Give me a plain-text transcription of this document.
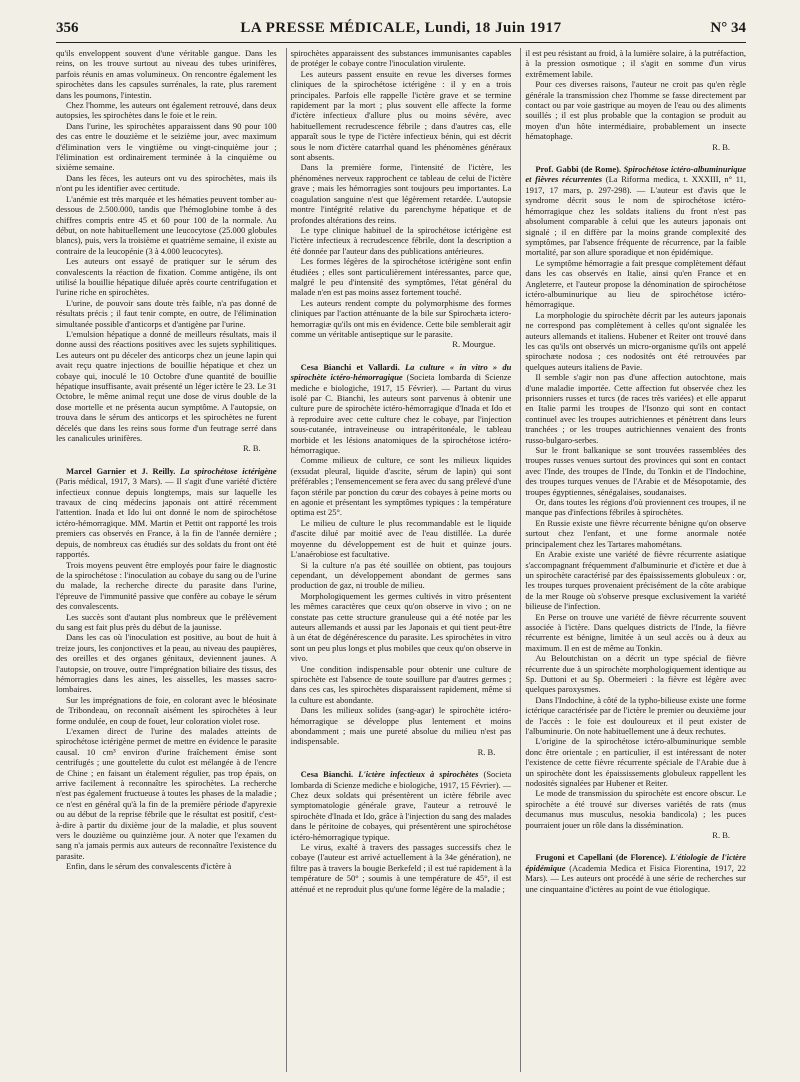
356	LA PRESSE MÉDICALE, Lundi, 18 Juin 1917	N° 34

qu'ils enveloppent souvent d'une véritable gangue. Dans les reins, on les trouve surtout au niveau des tubes urinifères, parfois réunis en amas volumineux. On rencontre également les spirochètes dans les capsules surrénales, la rate, plus rarement dans les poumons, l'intestin.

Chez l'homme, les auteurs ont également retrouvé, dans deux autopsies, les spirochètes dans le foie et le rein.

Dans l'urine, les spirochètes apparaissent dans 90 pour 100 des cas entre le douzième et le seizième jour, avec maximum d'élimination vers le vingtième ou vingt-cinquième jour ; l'élimination est ordinairement terminée à la cinquième ou sixième semaine.

Dans les fèces, les auteurs ont vu des spirochètes, mais ils n'ont pu les identifier avec certitude.

L'anémie est très marquée et les hématies peuvent tomber au-dessous de 2.500.000, tandis que l'hémoglobine tombe à des chiffres compris entre 45 et 60 pour 100 de la normale. Au début, on note habituellement une leucocytose (25.000 globules blancs), puis, vers la troisième et quatrième semaine, il existe au contraire de la leucopénie (3 à 4.000 leucocytes).

Les auteurs ont essayé de pratiquer sur le sérum des convalescents la réaction de fixation. Comme antigène, ils ont utilisé la bouillie hépatique diluée après courte centrifugation et l'urine riche en spirochètes.

L'urine, de pouvoir sans doute très faible, n'a pas donné de résultats précis ; il faut tenir compte, en outre, de l'élimination simultanée possible d'anticorps et d'antigène par l'urine.

L'emulsion hépatique a donné de meilleurs résultats, mais il donne aussi des réactions positives avec les sujets syphilitiques. Les auteurs ont pu déceler des anticorps chez un jeune lapin qui avait reçu quatre injections de bouillie hépatique et chez un cobaye qui, inoculé le 10 Octobre d'une quantité de bouillie hépatique insuffisante, avait présenté un léger ictère le 23. Le 31 Octobre, le même animal reçut une dose de virus double de la dose mortelle et ne présenta aucun symptôme. A l'autopsie, on trouva dans le sérum des anticorps et les spirochètes ne furent décelés que dans les reins sous forme d'un feutrage serré dans les canalicules urinifères.

R. B.

Marcel Garnier et J. Reilly. La spirochétose ictérigène (Paris médical, 1917, 3 Mars). — Il s'agit d'une variété d'ictère infectieux connue depuis longtemps, mais sur laquelle les travaux de cinq médecins japonais ont attiré récemment l'attention. Inada et Ido lui ont donné le nom de spirochétose ictéro-hémorragique. MM. Martin et Pettit ont rapporté les trois premiers cas observés en France, à la fin de l'année dernière ; depuis, de nombreux cas étudiés sur des soldats du front ont été rapportés.

Trois moyens peuvent être employés pour faire le diagnostic de la spirochétose : l'inoculation au cobaye du sang ou de l'urine du malade, la recherche directe du parasite dans l'urine, l'épreuve de l'immunité passive que confère au cobaye le sérum des convalescents.

Les succès sont d'autant plus nombreux que le prélèvement du sang est fait plus près du début de la jaunisse.

Dans les cas où l'inoculation est positive, au bout de huit à treize jours, les conjonctives et la peau, au niveau des paupières, des oreilles et des organes génitaux, deviennent jaunes. A l'autopsie, on trouve, outre l'imprégnation biliaire des tissus, des hémorragies dans les aines, les aisselles, les masses sacro-lombaires.

Sur les imprégnations de foie, en colorant avec le bléosinate de Tribondeau, on reconnaît aisément les spirochètes à leur forme ondulée, en coup de fouet, leur coloration violet rose.

L'examen direct de l'urine des malades atteints de spirochétose ictérigène permet de mettre en évidence le parasite causal. 10 cm³ environ d'urine fraîchement émise sont centrifugés ; une gouttelette du culot est mélangée à de l'encre de Chine ; en faisant un étalement régulier, pas trop épais, on arrive facilement à reconnaître les spirochètes. La recherche n'est pas également fructueuse à toutes les phases de la maladie ; ce n'est en général qu'à la fin de la première période d'apyrexie ou au début de la reprise fébrile que le résultat est positif, c'est-à-dire à partir du dixième jour de la maladie, et plus souvent vers le douzième ou quinzième jour. A noter que l'examen du sang n'a jamais permis aux auteurs de reconnaître l'existence du parasite.

Enfin, dans le sérum des convalescents d'ictère à

spirochètes apparaissent des substances immunisantes capables de protéger le cobaye contre l'inoculation virulente.

Les auteurs passent ensuite en revue les diverses formes cliniques de la spirochétose ictérigène : il y en a trois principales. Parfois elle rappelle l'ictère grave et se termine rapidement par la mort ; plus souvent elle affecte la forme d'ictère infectieux d'allure plus ou moins sévère, avec habituellement recrudescence fébrile ; dans d'autres cas, elle apparaît sous le type de l'ictère infectieux bénin, qui est décrit sous le nom d'ictère catarrhal quand les phénomènes généraux sont absents.

Dans la première forme, l'intensité de l'ictère, les phénomènes nerveux rapprochent ce tableau de celui de l'ictère grave ; mais les hémorragies sont toujours peu importantes. La coagulation sanguine n'est que légèrement retardée. L'autopsie montre l'intégrité relative du parenchyme hépatique et de profondes altérations des reins.

Le type clinique habituel de la spirochétose ictérigène est l'ictère infectieux à recrudescence fébrile, dont la description a été donnée par l'auteur dans des publications antérieures.

Les formes légères de la spirochétose ictérigène sont enfin étudiées ; elles sont particulièrement intéressantes, parce que, malgré le peu d'intensité des symptômes, l'état général du malade n'en est pas moins assez fortement touché.

Les auteurs rendent compte du polymorphisme des formes cliniques par l'action atténuante de la bile sur Spirochæta ictero-hemorragiæ qu'ils ont mis en évidence. Cette bile semblerait agir comme un véritable antiseptique sur le parasite.

R. Mourgue.

Cesa Bianchi et Vallardi. La culture « in vitro » du spirochète ictéro-hémorragique (Societa lombarda di Scienze mediche e biologiche, 1917, 15 Février). — Partant du virus isolé par C. Bianchi, les auteurs sont parvenus à obtenir une culture pure de spirochète ictéro-hémorragique d'Inada et Ido et à reproduire avec cette culture chez le cobaye, par l'injection sous-cutanée, intraveineuse ou intrapéritonéale, le tableau morbide et les lésions anatomiques de la spirochétose ictéro-hémorragique.

Comme milieux de culture, ce sont les milieux liquides (exsudat pleural, liquide d'ascite, sérum de lapin) qui sont préférables ; l'ensemencement se fera avec du sang prélevé d'une façon stérile par ponction du cœur des cobayes à peine morts ou en agonie et présentant les symptômes typiques : la température optima est 25°.

Le milieu de culture le plus recommandable est le liquide d'ascite dilué par moitié avec de l'eau distillée. La durée moyenne du développement est de huit et quinze jours. L'anaérobiose est facultative.

Si la culture n'a pas été souillée on obtient, pas toujours cependant, un développement abondant de germes sans production de gaz, ni trouble de milieu.

Morphologiquement les germes cultivés in vitro présentent les mêmes caractères que ceux qu'on observe in vivo ; on ne constate pas cette structure granuleuse qui a été notée par les auteurs allemands et aussi par les Japonais et qui tient peut-être à un état de dégénérescence du parasite. Les spirochètes in vitro sont un peu plus longs et plus mobiles que ceux qu'on observe in vivo.

Une condition indispensable pour obtenir une culture de spirochète est l'absence de toute souillure par d'autres germes ; dans ces cas, les spirochètes disparaissent rapidement, même si la culture est abondante.

Dans les milieux solides (sang-agar) le spirochète ictéro-hémorragique se développe plus lentement et moins abondamment ; mais une pureté absolue du milieu n'est pas indispensable.

R. B.

Cesa Bianchi. L'ictère infectieux à spirochètes (Societa lombarda di Scienze mediche e biologiche, 1917, 15 Février). — Chez deux soldats qui présentèrent un ictère fébrile avec symptomatologie générale grave, l'auteur a retrouvé le spirochète d'Inada et Ido, grâce à l'injection du sang des malades dans le péritoine de cobayes, qui présentèrent une spirochétose ictéro-hémorragique typique.

Le virus, exalté à travers des passages successifs chez le cobaye (l'auteur est arrivé actuellement à la 34e génération), ne filtre pas à travers la bougie Berkefeld ; il est tué rapidement à la température de 50° ; soumis à une température de 45°, il est atténué et ne reproduit plus qu'une forme légère de la maladie ;

il est peu résistant au froid, à la lumière solaire, à la putréfaction, à la pression osmotique ; il s'agit en somme d'un virus extrêmement labile.

Pour ces diverses raisons, l'auteur ne croit pas qu'en règle générale la transmission chez l'homme se fasse directement par contact ou par voie gastrique au moyen de l'eau ou des aliments souillés ; il est plus probable que la contagion se produit au moyen d'un hôte intermédiaire, probablement un insecte hématophage.

R. B.

Prof. Gabbi (de Rome). Spirochétose ictéro-albuminurique et fièvres récurrentes (La Riforma medica, t. XXXIII, n° 11, 1917, 17 mars, p. 297-298). — L'auteur est d'avis que le syndrome décrit sous le nom de spirochétose ictéro-hémorragique chez les soldats italiens du front n'est pas absolument comparable à celui que les auteurs japonais ont signalé ; il en diffère par la moins grande complexité des symptômes, par l'absence fréquente de récurrence, par la faible mortalité, par son allure sporadique et non épidémique.

Le symptôme hémorragie a fait presque complètement défaut dans les cas observés en Italie, ainsi qu'en France et en Angleterre, et l'auteur propose la dénomination de spirochétose ictéro-albuminurique au lieu de spirochétose ictéro-hémorragique.

La morphologie du spirochète décrit par les auteurs japonais ne correspond pas complètement à celles qu'ont signalée les auteurs allemands et italiens. Hubener et Reiter ont trouvé dans les cas qu'ils ont observés un micro-organisme qu'ils ont appelé spirochæte nodosa ; ces nodosités ont été retrouvées par quelques auteurs italiens de Pavie.

Il semble s'agir non pas d'une affection autochtone, mais d'une maladie importée. Cette affection fut observée chez les prisonniers russes et turcs (de races très variées) et elle apparut en Italie parmi les troupes de l'Isonzo qui sont en contact continuel avec les troupes autrichiennes et pénètrent dans leurs tranchées ; or les troupes autrichiennes venaient des fronts russo-bulgaro-serbes.

Sur le front balkanique se sont trouvées rassemblées des troupes russes venues surtout des provinces qui sont en contact avec l'Inde, des troupes de l'Inde, du Tonkin et de l'Indochine, des troupes turques venues de l'Arabie et de Mésopotamie, des troupes égyptiennes, sénégalaises, soudanaises.

Or, dans toutes les régions d'où proviennent ces troupes, il ne manque pas d'infections fébriles à spirochètes.

En Russie existe une fièvre récurrente bénigne qu'on observe surtout chez l'enfant, et une forme anormale notée principalement chez les Tartares mahométans.

En Arabie existe une variété de fièvre récurrente asiatique s'accompagnant fréquemment d'albuminurie et d'ictère et due à un spirochète caractérisé par des épaississements globuleux : or, les troupes turques provenaient précisément de la côte arabique de la mer Rouge où s'observe presque exclusivement la variété bilieuse de l'infection.

En Perse on trouve une variété de fièvre récurrente souvent associée à l'ictère. Dans quelques districts de l'Inde, la fièvre récurrente est bénigne, limitée à un seul accès ou à deux au maximum. Il en est de même au Tonkin.

Au Beloutchistan on a décrit un type spécial de fièvre récurrente due à un spirochète morphologiquement identique au Sp. Duttoni et au Sp. Obermeieri : la fièvre est légère avec quelques paroxysmes.

Dans l'Indochine, à côté de la typho-bilieuse existe une forme ictérique caractérisée par de l'ictère le premier ou deuxième jour de l'accès : le foie est douloureux et il peut exister de l'albuminurie. On note habituellement une à deux rechutes.

L'origine de la spirochétose ictéro-albuminurique semble donc être orientale ; en particulier, il est intéressant de noter l'existence de cette fièvre récurrente spéciale de l'Arabie due à un spirochète dont les épaississements globuleux rappellent les nodosités signalées par Hubener et Reiter.

Le mode de transmission du spirochète est encore obscur. Le spirochète a été trouvé sur diverses variétés de rats (mus decumanus mus musculus, nesokia bandicola) ; les puces pourraient jouer un rôle dans la dissémination.

R. B.

Frugoni et Capellani (de Florence). L'étiologie de l'ictère épidémique (Academia Medica et Fisica Fiorentina, 1917, 22 Mars). — Les auteurs ont procédé à une série de recherches sur une cinquantaine d'ictères au point de vue étiologique.
